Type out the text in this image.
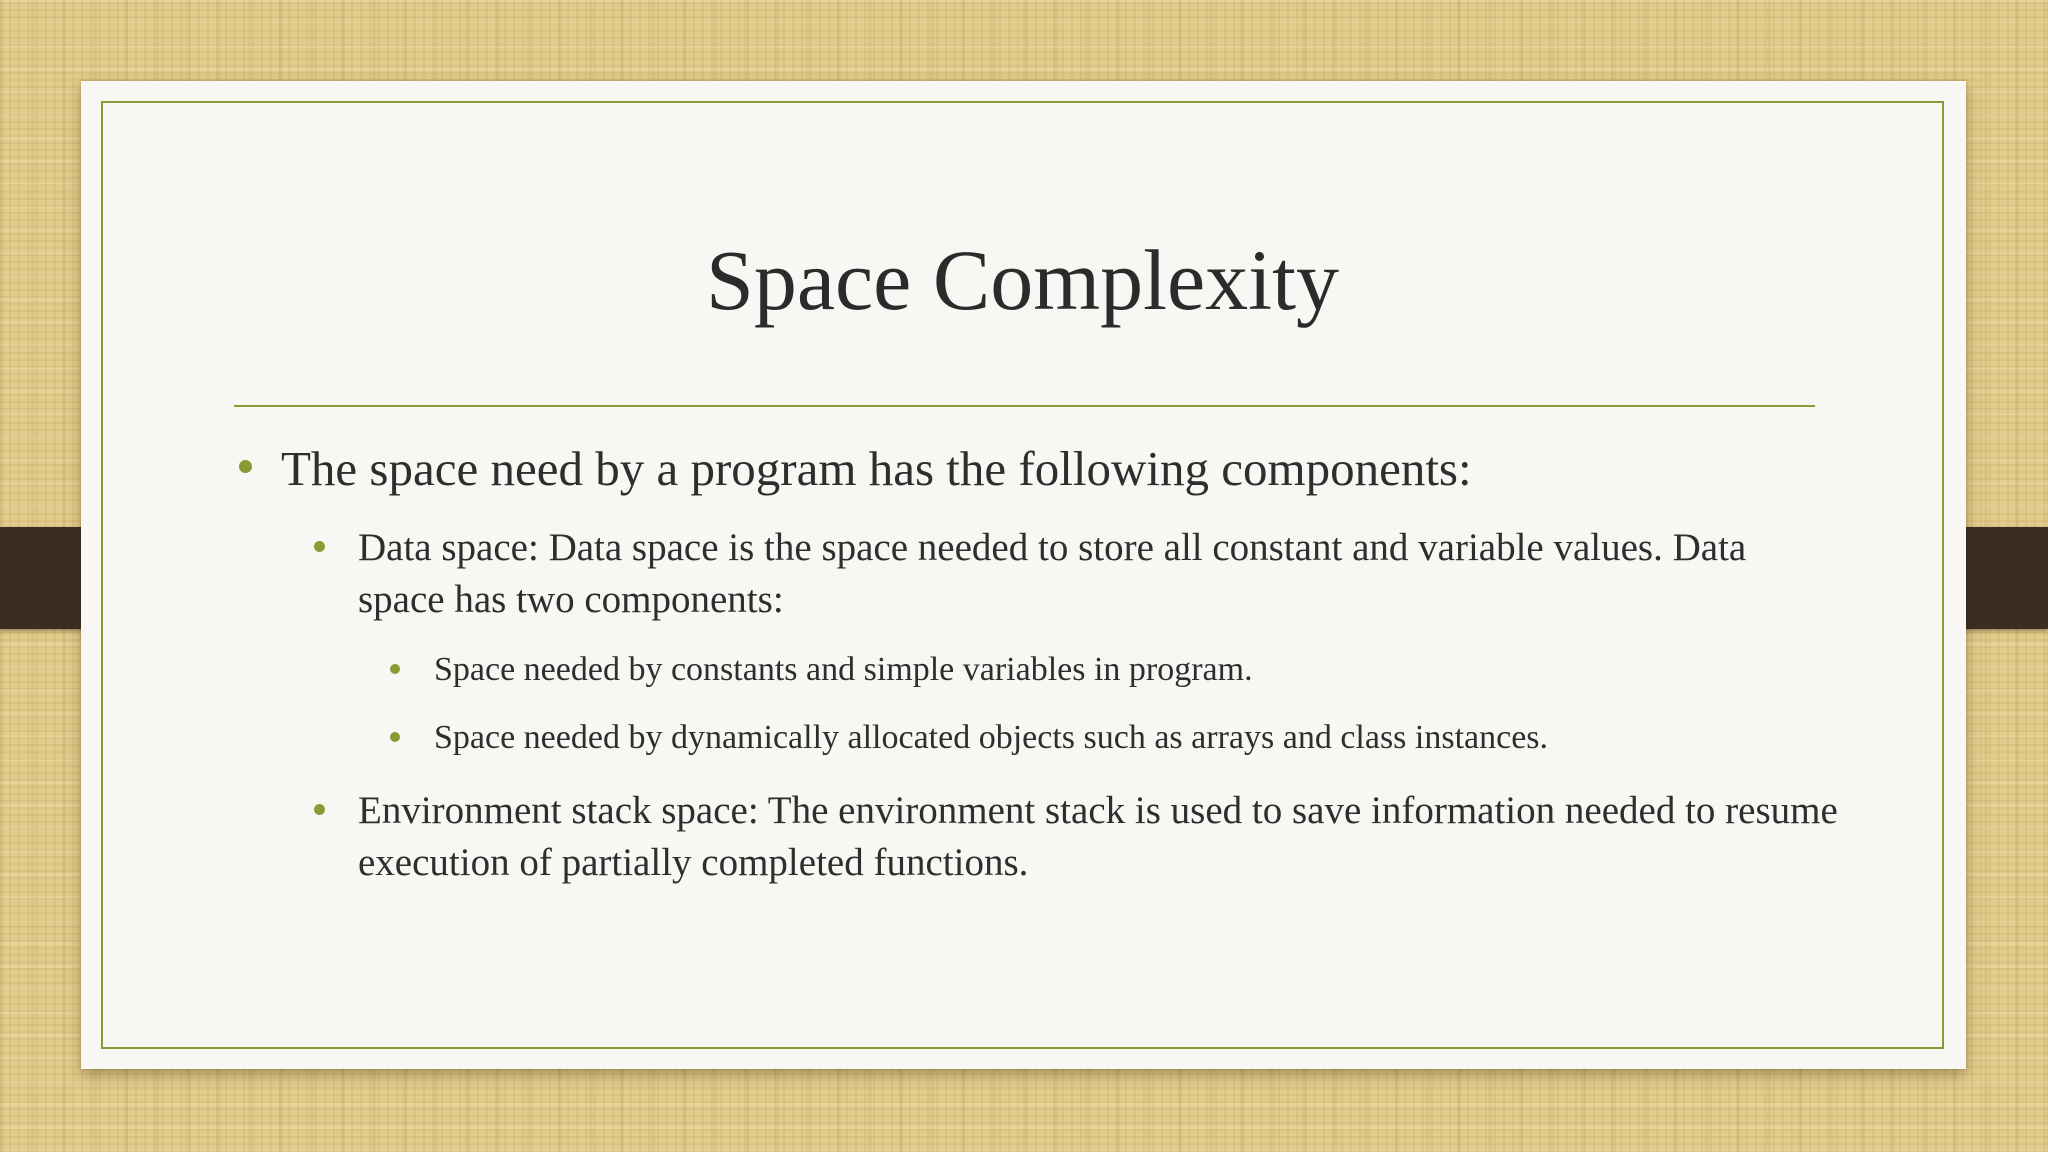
Space Complexity
The space need by a program has the following components:
Data space: Data space is the space needed to store all constant and variable values. Data space has two components:
Space needed by constants and simple variables in program.
Space needed by dynamically allocated objects such as arrays and class instances.
Environment stack space: The environment stack is used to save information needed to resume execution of partially completed functions.
